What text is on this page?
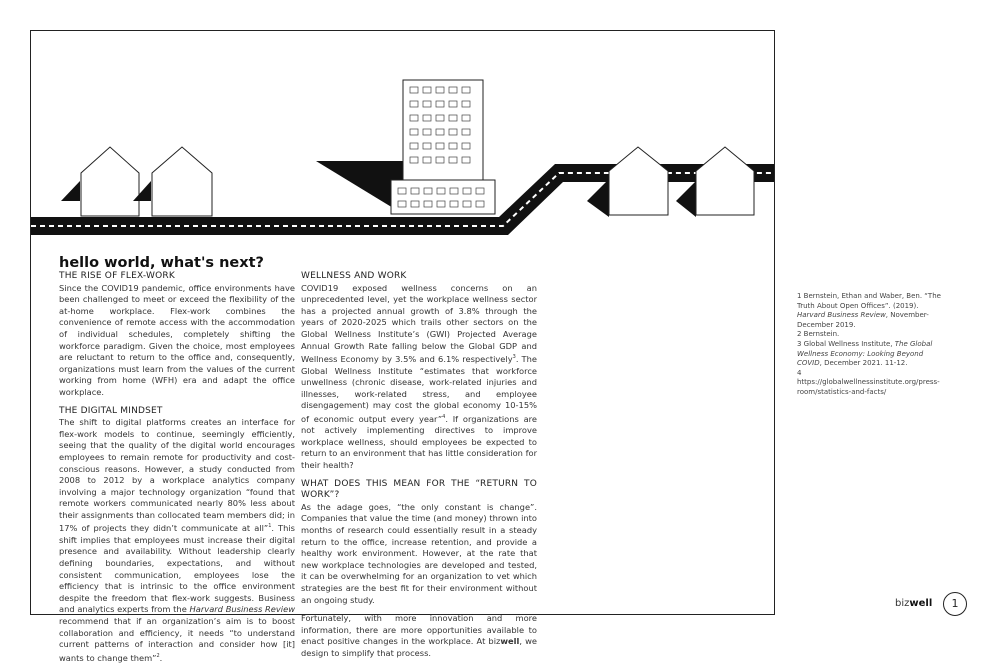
hello world, what's next?
THE RISE OF FLEX-WORK

Since the COVID19 pandemic, office environments have been challenged to meet or exceed the flexibility of the at-home workplace. Flex-work combines the convenience of remote access with the accommodation of individual schedules, completely shifting the workforce paradigm. Given the choice, most employees are reluctant to return to the office and, consequently, organizations must learn from the values of the current working from home (WFH) era and adapt the office workplace.

THE DIGITAL MINDSET

The shift to digital platforms creates an interface for flex-work models to continue, seemingly efficiently, seeing that the quality of the digital world encourages employees to remain remote for productivity and cost-conscious reasons. However, a study conducted from 2008 to 2012 by a workplace analytics company involving a major technology organization “found that remote workers communicated nearly 80% less about their assignments than collocated team members did; in 17% of projects they didn’t communicate at all”$^1$. This shift implies that employees must increase their digital presence and availability. Without leadership clearly defining boundaries, expectations, and without consistent communication, employees lose the efficiency that is intrinsic to the office environment despite the freedom that flex-work suggests. Business and analytics experts from the Harvard Business Review recommend that if an organization’s aim is to boost collaboration and efficiency, it needs “to understand current patterns of interaction and consider how [it] wants to change them”$^2$.

WELLNESS AND WORK

COVID19 exposed wellness concerns on an unprecedented level, yet the workplace wellness sector has a projected annual growth of 3.8% through the years of 2020-2025 which trails other sectors on the Global Wellness Institute’s (GWI) Projected Average Annual Growth Rate falling below the Global GDP and Wellness Economy by 3.5% and 6.1% respectively$^3$. The Global Wellness Institute “estimates that workforce unwellness (chronic disease, work-related injuries and illnesses, work-related stress, and employee disengagement) may cost the global economy 10-15% of economic output every year”$^4$. If organizations are not actively implementing directives to improve workplace wellness, should employees be expected to return to an environment that has little consideration for their health?

WHAT DOES THIS MEAN FOR THE “RETURN TO WORK”?

As the adage goes, “the only constant is change”. Companies that value the time (and money) thrown into months of research could essentially result in a steady return to the office, increase retention, and provide a healthy work environment. However, at the rate that new workplace technologies are developed and tested, it can be overwhelming for an organization to vet which strategies are the best fit for their environment without an ongoing study.

Fortunately, with more innovation and more information, there are more opportunities available to enact positive changes in the workplace. At bizwell, we design to simplify that process.

1 Bernstein, Ethan and Waber, Ben. “The Truth About Open Offices”. (2019). Harvard Business Review, November-December 2019.
2 Bernstein.
3 Global Wellness Institute, The Global Wellness Economy: Looking Beyond COVID, December 2021. 11-12.
4 https://globalwellnessinstitute.org/press-room/statistics-and-facts/
bizwell	1
